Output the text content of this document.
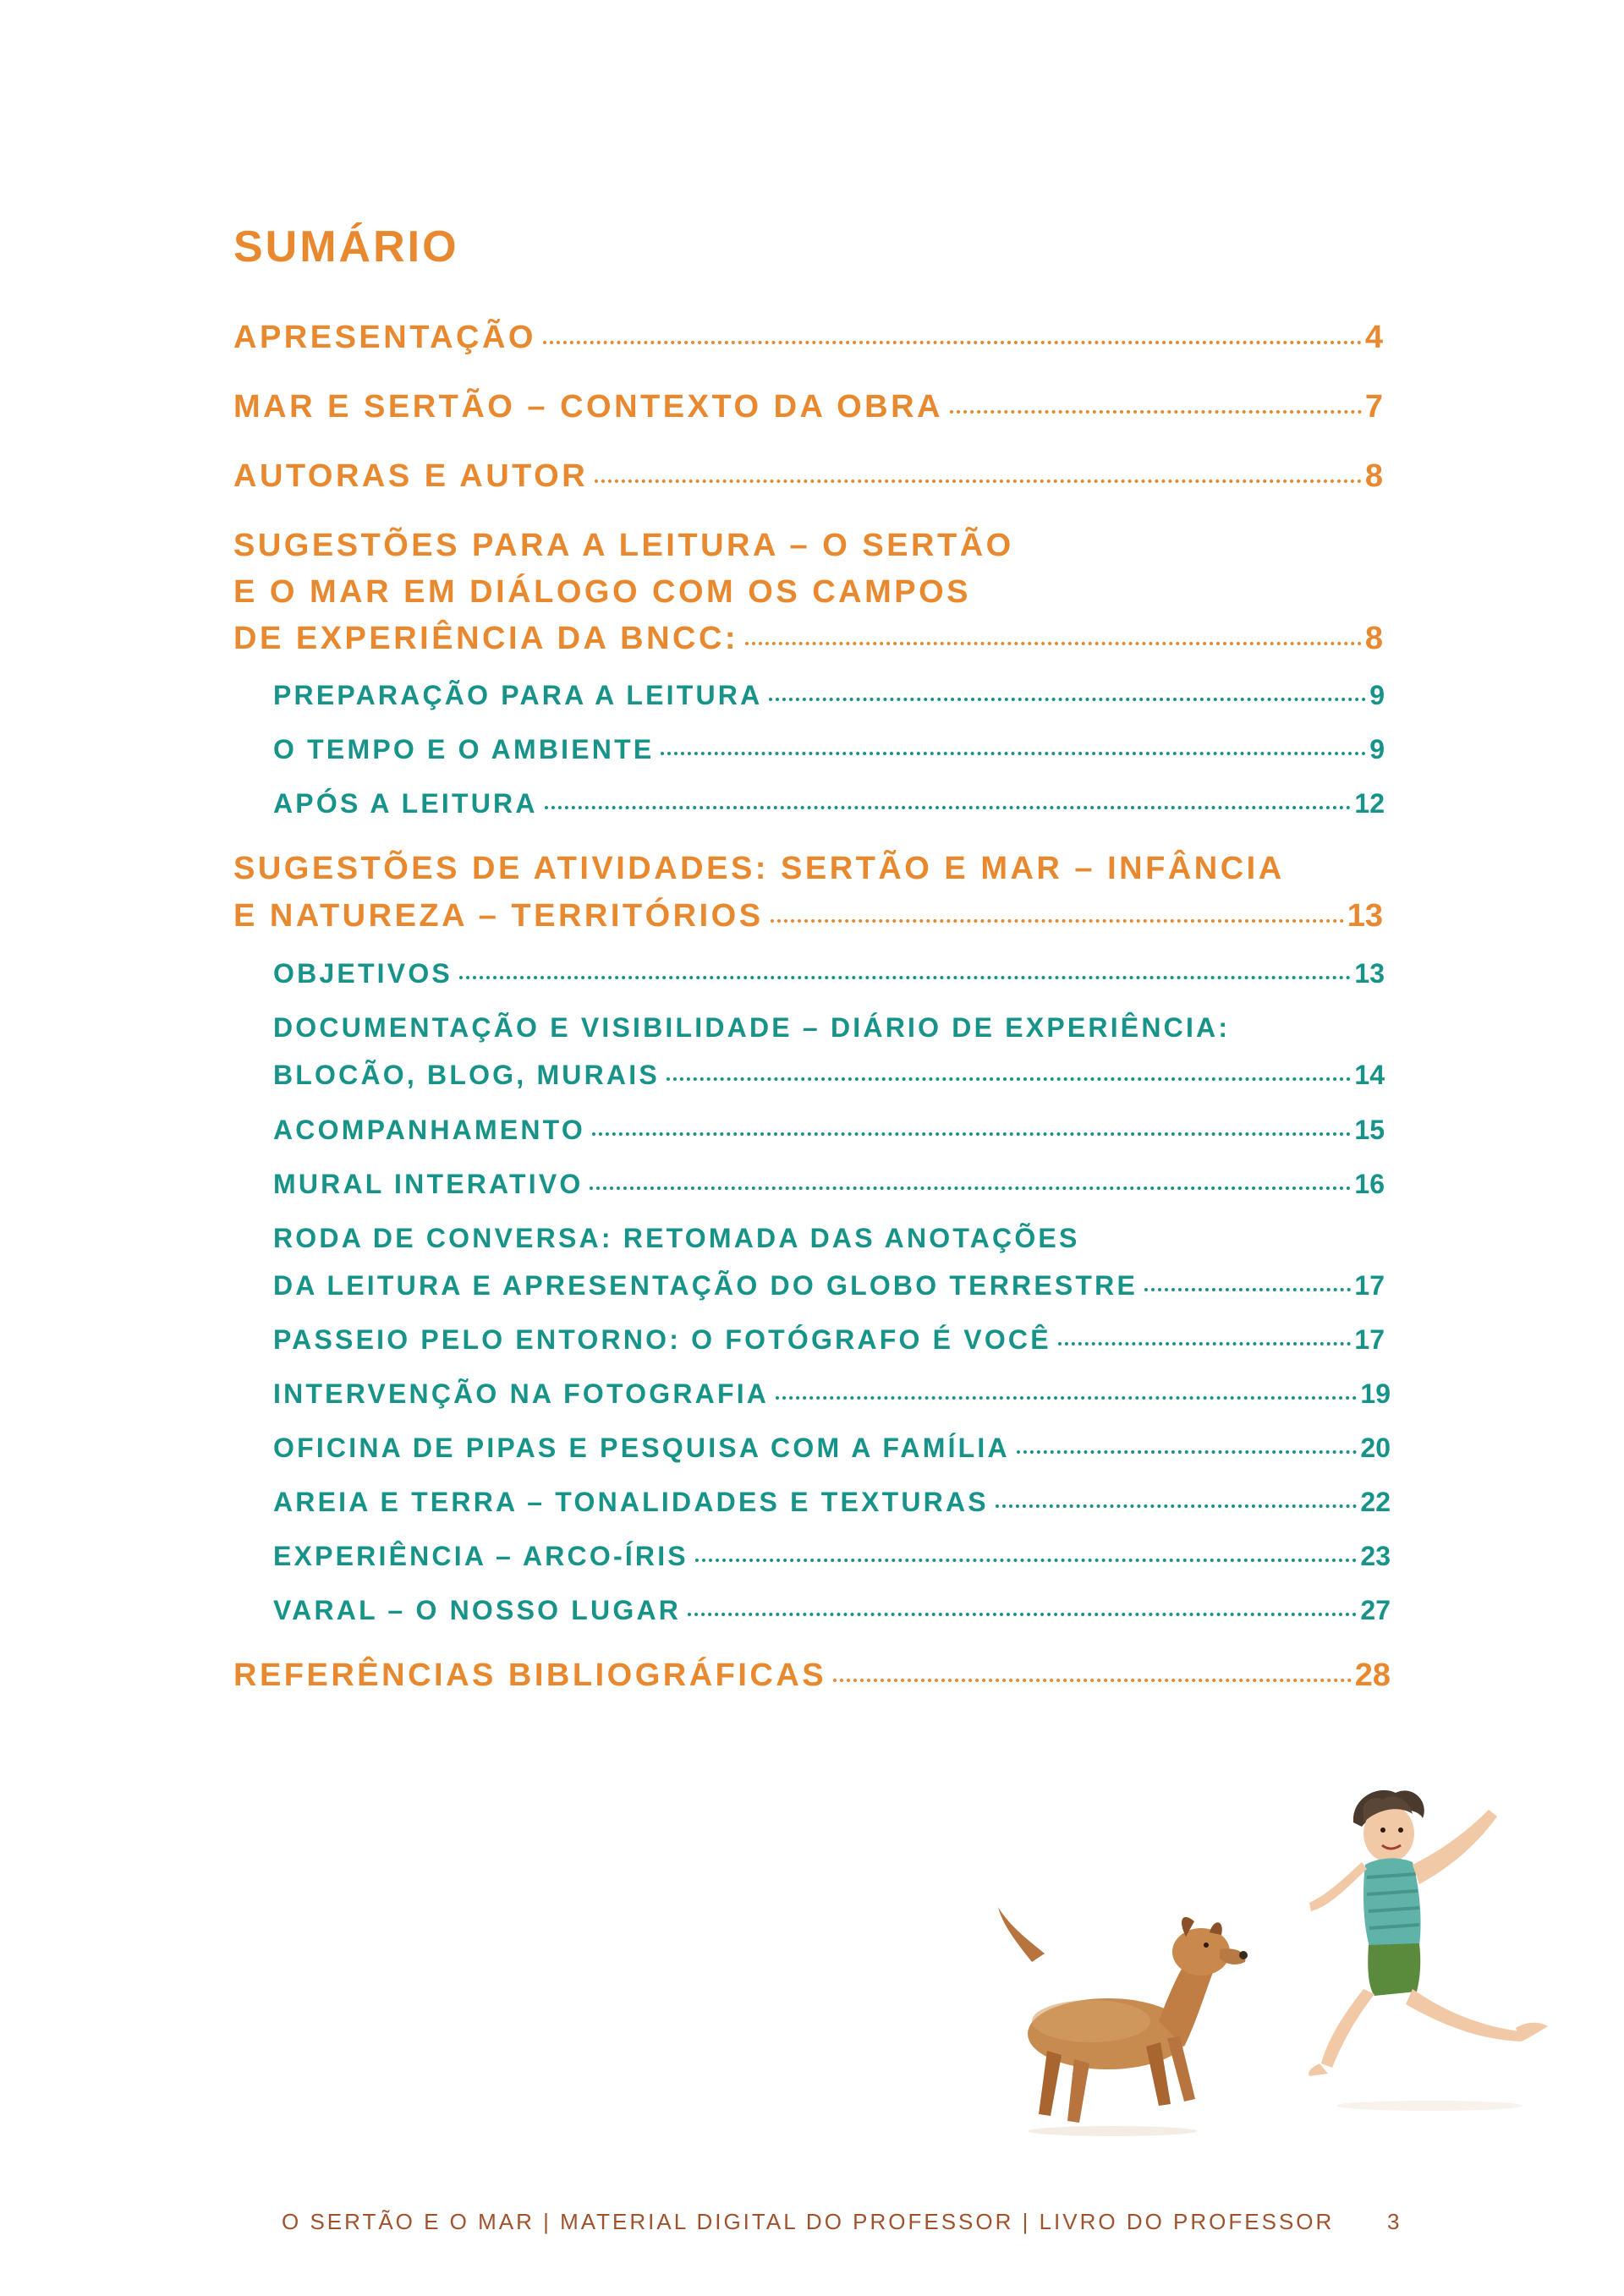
SUMÁRIO
APRESENTAÇÃO	4
MAR E SERTÃO – CONTEXTO DA OBRA	7
AUTORAS E AUTOR	8
SUGESTÕES PARA A LEITURA – O SERTÃO
E O MAR EM DIÁLOGO COM OS CAMPOS
DE EXPERIÊNCIA DA BNCC:	8
PREPARAÇÃO PARA A LEITURA	9
O TEMPO E O AMBIENTE	9
APÓS A LEITURA	12
SUGESTÕES DE ATIVIDADES: SERTÃO E MAR – INFÂNCIA
E NATUREZA – TERRITÓRIOS	13
OBJETIVOS	13
DOCUMENTAÇÃO E VISIBILIDADE – DIÁRIO DE EXPERIÊNCIA:
BLOCÃO, BLOG, MURAIS	14
ACOMPANHAMENTO	15
MURAL INTERATIVO	16
RODA DE CONVERSA: RETOMADA DAS ANOTAÇÕES
DA LEITURA E APRESENTAÇÃO DO GLOBO TERRESTRE	17
PASSEIO PELO ENTORNO: O FOTÓGRAFO É VOCÊ	17
INTERVENÇÃO NA FOTOGRAFIA	19
OFICINA DE PIPAS E PESQUISA COM A FAMÍLIA	20
AREIA E TERRA – TONALIDADES E TEXTURAS	22
EXPERIÊNCIA – ARCO-ÍRIS	23
VARAL – O NOSSO LUGAR	27
REFERÊNCIAS BIBLIOGRÁFICAS	28
O SERTÃO E O MAR | MATERIAL DIGITAL DO PROFESSOR | LIVRO DO PROFESSOR 3
